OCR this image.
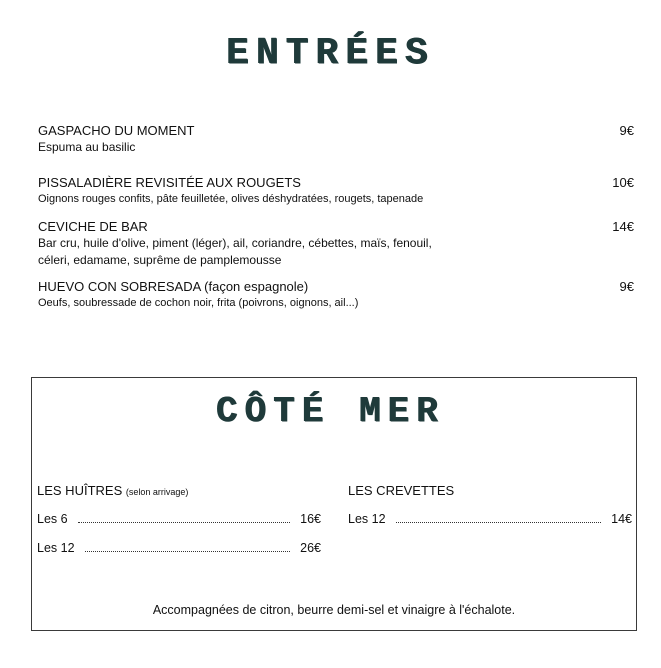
ENTRÉES
GASPACHO DU MOMENT
Espuma au basilic
9€
PISSALADIÈRE REVISITÉE AUX ROUGETS
Oignons rouges confits, pâte feuilletée, olives déshydratées, rougets, tapenade
10€
CEVICHE DE BAR
Bar cru, huile d'olive, piment (léger), ail, coriandre, cébettes, maïs, fenouil,
céleri, edamame, suprême de pamplemousse
14€
HUEVO CON SOBRESADA (façon espagnole)
Oeufs, soubressade de cochon noir, frita (poivrons, oignons, ail...)
9€
CÔTÉ MER
LES HUÎTRES (selon arrivage)
Les 6	16€
Les 12	26€
LES CREVETTES
Les 12	14€
Accompagnées de citron, beurre demi-sel et vinaigre à l'échalote.
